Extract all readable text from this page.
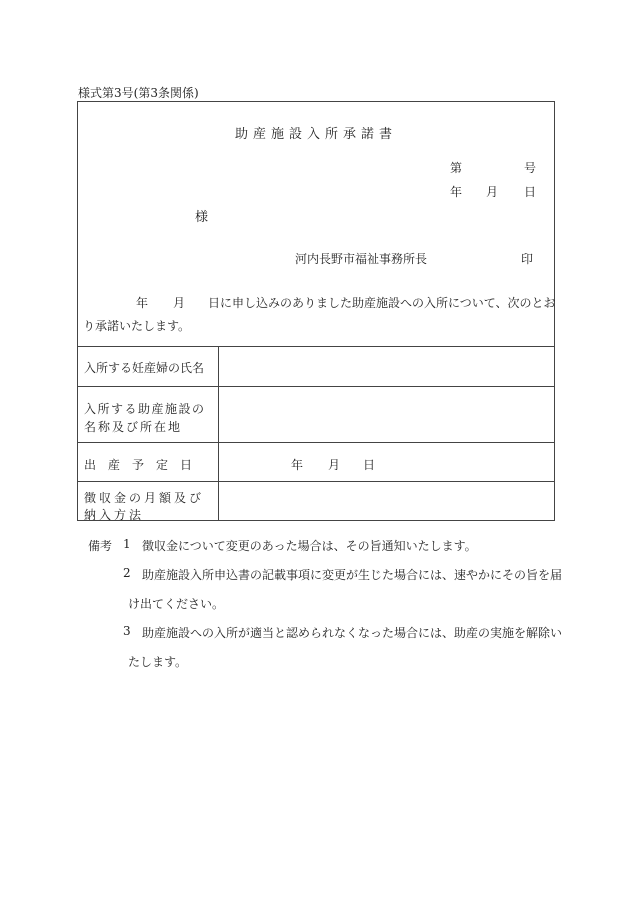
様式第3号(第3条関係)
助産施設入所承諾書
第	号
年 月 日
様
河内長野市福祉事務所長	印
年 月 日に申し込みのありました助産施設への入所について、次のとお
り承諾いたします。
入所する妊産婦の氏名
入所する助産施設の
名称及び所在地
出　産　予　定　日	年 月 日
徴収金の月額及び
納入方法
備考 1 徴収金について変更のあった場合は、その旨通知いたします。
2 助産施設入所申込書の記載事項に変更が生じた場合には、速やかにその旨を届
け出てください。
3 助産施設への入所が適当と認められなくなった場合には、助産の実施を解除い
たします。
